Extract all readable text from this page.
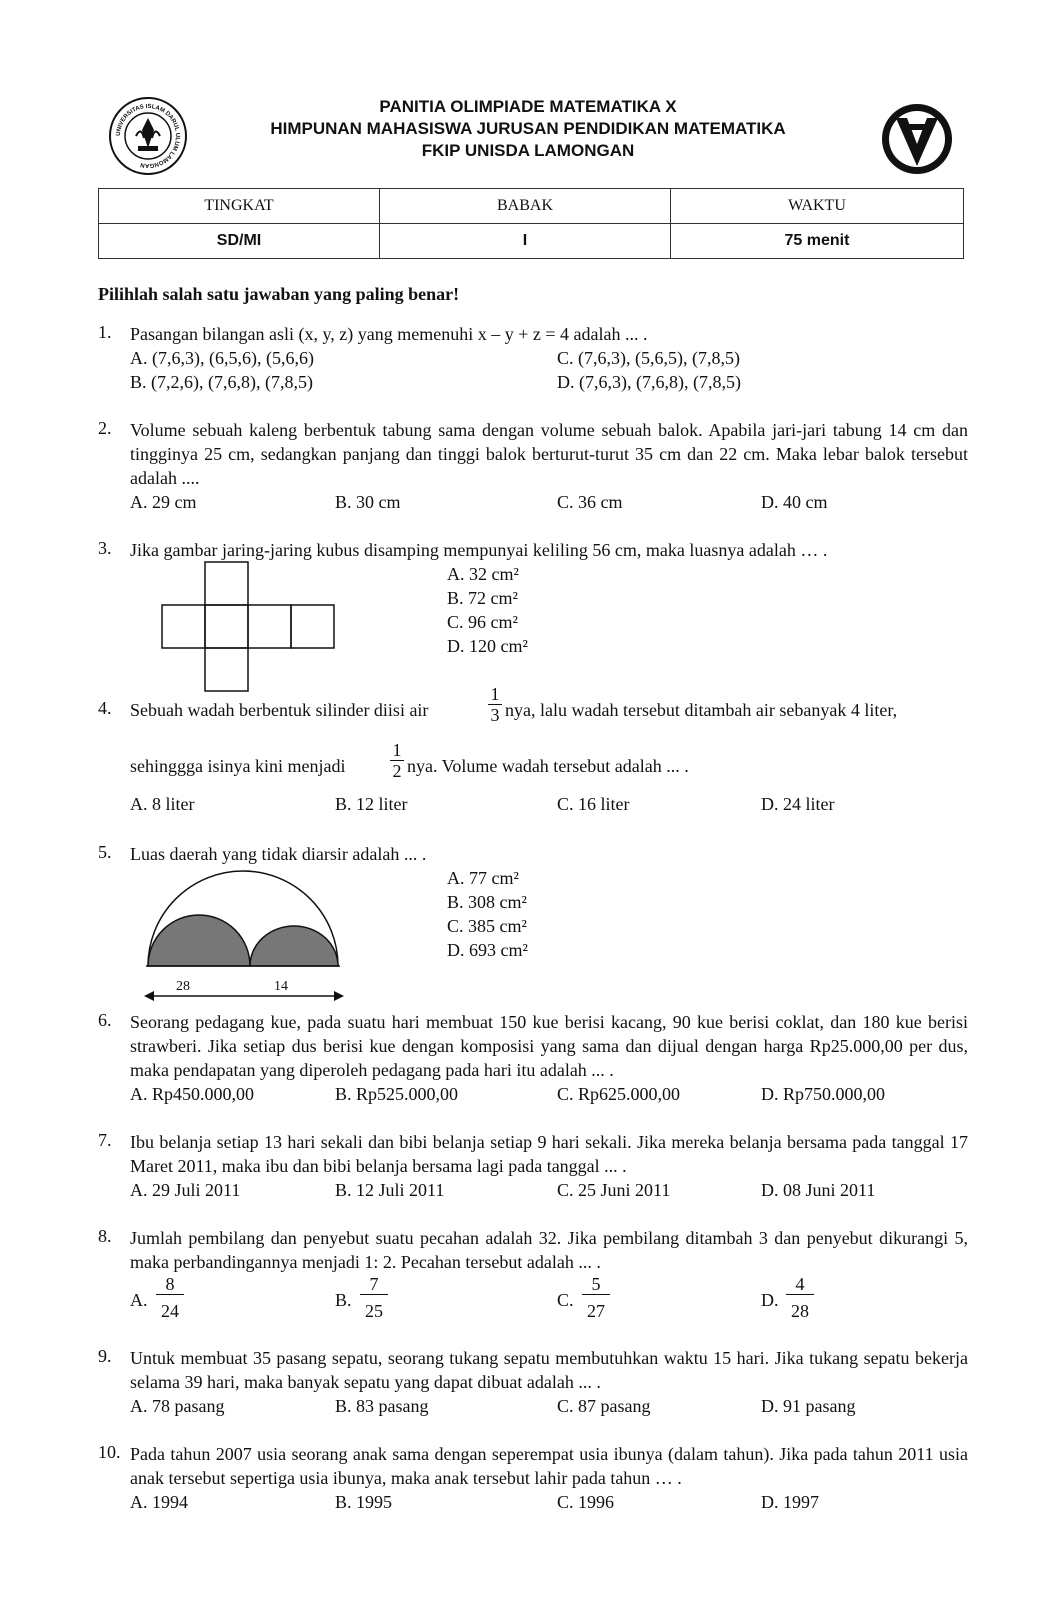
UNIVERSITAS ISLAM DARUL ULUM LAMONGAN
PANITIA OLIMPIADE MATEMATIKA X
HIMPUNAN MAHASISWA JURUSAN PENDIDIKAN MATEMATIKA
FKIP UNISDA LAMONGAN
TINGKAT	BABAK	WAKTU
SD/MI	I	75 menit
Pilihlah salah satu jawaban yang paling benar!
1. Pasangan bilangan asli (x, y, z) yang memenuhi x – y + z = 4 adalah ... .
A. (7,6,3), (6,5,6), (5,6,6)
B. (7,2,6), (7,6,8), (7,8,5)
C. (7,6,3), (5,6,5), (7,8,5)
D. (7,6,3), (7,6,8), (7,8,5)
2. Volume sebuah kaleng berbentuk tabung sama dengan volume sebuah balok. Apabila jari-jari tabung 14 cm dan tingginya 25 cm, sedangkan panjang dan tinggi balok berturut-turut 35 cm dan 22 cm. Maka lebar balok tersebut adalah ....
A. 29 cm	B. 30 cm	C. 36 cm	D. 40 cm
3. Jika gambar jaring-jaring kubus disamping mempunyai keliling 56 cm, maka luasnya adalah … .
A. 32 cm²
B. 72 cm²
C. 96 cm²
D. 120 cm²
4. Sebuah wadah berbentuk silinder diisi air	$\frac{1}{3}$ nya, lalu wadah tersebut ditambah air sebanyak 4 liter,
sehinggga isinya kini menjadi $\frac{1}{2}$ nya. Volume wadah tersebut adalah ... .
A. 8 liter	B. 12 liter	C. 16 liter	D. 24 liter
5. Luas daerah yang tidak diarsir adalah ... .
28	14
A. 77 cm²
B. 308 cm²
C. 385 cm²
D. 693 cm²
6. Seorang pedagang kue, pada suatu hari membuat 150 kue berisi kacang, 90 kue berisi coklat, dan 180 kue berisi strawberi. Jika setiap dus berisi kue dengan komposisi yang sama dan dijual dengan harga Rp25.000,00 per dus, maka pendapatan yang diperoleh pedagang pada hari itu adalah ... .
A. Rp450.000,00	B. Rp525.000,00	C. Rp625.000,00	D. Rp750.000,00
7. Ibu belanja setiap 13 hari sekali dan bibi belanja setiap 9 hari sekali. Jika mereka belanja bersama pada tanggal 17 Maret 2011, maka ibu dan bibi belanja bersama lagi pada tanggal ... .
A. 29 Juli 2011	B. 12 Juli 2011	C. 25 Juni 2011	D. 08 Juni 2011
8. Jumlah pembilang dan penyebut suatu pecahan adalah 32. Jika pembilang ditambah 3 dan penyebut dikurangi 5, maka perbandingannya menjadi 1: 2. Pecahan tersebut adalah ... .
A. $\frac{8}{24}$	B. $\frac{7}{25}$	C. $\frac{5}{27}$	D. $\frac{4}{28}$
9. Untuk membuat 35 pasang sepatu, seorang tukang sepatu membutuhkan waktu 15 hari. Jika tukang sepatu bekerja selama 39 hari, maka banyak sepatu yang dapat dibuat adalah ... .
A. 78 pasang	B. 83 pasang	C. 87 pasang	D. 91 pasang
10. Pada tahun 2007 usia seorang anak sama dengan seperempat usia ibunya (dalam tahun). Jika pada tahun 2011 usia anak tersebut sepertiga usia ibunya, maka anak tersebut lahir pada tahun … .
A. 1994	B. 1995	C. 1996	D. 1997
